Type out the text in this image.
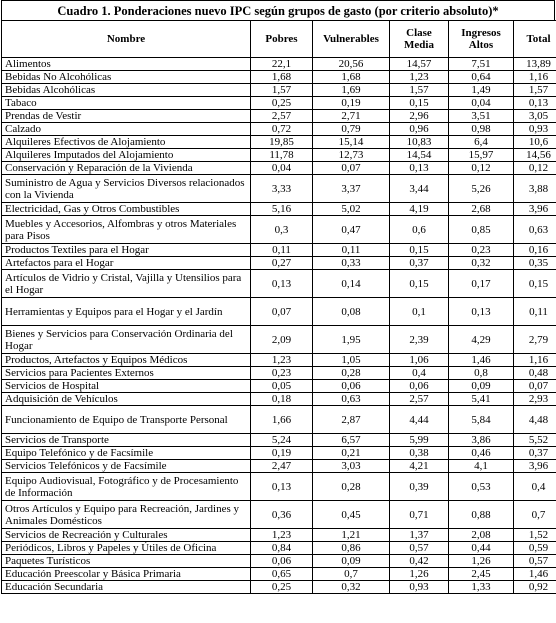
Cuadro 1. Ponderaciones nuevo IPC según grupos de gasto (por criterio absoluto)*
Nombre	Pobres	Vulnerables	Clase Media	Ingresos Altos	Total
Alimentos	22,1	20,56	14,57	7,51	13,89
Bebidas No Alcohólicas	1,68	1,68	1,23	0,64	1,16
Bebidas Alcohólicas	1,57	1,69	1,57	1,49	1,57
Tabaco	0,25	0,19	0,15	0,04	0,13
Prendas de Vestir	2,57	2,71	2,96	3,51	3,05
Calzado	0,72	0,79	0,96	0,98	0,93
Alquileres Efectivos de Alojamiento	19,85	15,14	10,83	6,4	10,6
Alquileres Imputados del Alojamiento	11,78	12,73	14,54	15,97	14,56
Conservación y Reparación de la Vivienda	0,04	0,07	0,13	0,12	0,12
Suministro de Agua y Servicios Diversos relacionados con la Vivienda	3,33	3,37	3,44	5,26	3,88
Electricidad, Gas y Otros Combustibles	5,16	5,02	4,19	2,68	3,96
Muebles y Accesorios, Alfombras y otros Materiales para Pisos	0,3	0,47	0,6	0,85	0,63
Productos Textiles para el Hogar	0,11	0,11	0,15	0,23	0,16
Artefactos para el Hogar	0,27	0,33	0,37	0,32	0,35
Artículos de Vidrio y Cristal, Vajilla y Utensilios para el Hogar	0,13	0,14	0,15	0,17	0,15
Herramientas y Equipos para el Hogar y el Jardín	0,07	0,08	0,1	0,13	0,11
Bienes y Servicios para Conservación Ordinaria del Hogar	2,09	1,95	2,39	4,29	2,79
Productos, Artefactos y Equipos Médicos	1,23	1,05	1,06	1,46	1,16
Servicios para Pacientes Externos	0,23	0,28	0,4	0,8	0,48
Servicios de Hospital	0,05	0,06	0,06	0,09	0,07
Adquisición de Vehículos	0,18	0,63	2,57	5,41	2,93
Funcionamiento de Equipo de Transporte Personal	1,66	2,87	4,44	5,84	4,48
Servicios de Transporte	5,24	6,57	5,99	3,86	5,52
Equipo Telefónico y de Facsímile	0,19	0,21	0,38	0,46	0,37
Servicios Telefónicos y de Facsímile	2,47	3,03	4,21	4,1	3,96
Equipo Audiovisual, Fotográfico y de Procesamiento de Información	0,13	0,28	0,39	0,53	0,4
Otros Artículos y Equipo para Recreación, Jardines y Animales Domésticos	0,36	0,45	0,71	0,88	0,7
Servicios de Recreación y Culturales	1,23	1,21	1,37	2,08	1,52
Periódicos, Libros y Papeles y Útiles de Oficina	0,84	0,86	0,57	0,44	0,59
Paquetes Turísticos	0,06	0,09	0,42	1,26	0,57
Educación Preescolar y Básica Primaria	0,65	0,7	1,26	2,45	1,46
Educación Secundaria	0,25	0,32	0,93	1,33	0,92
